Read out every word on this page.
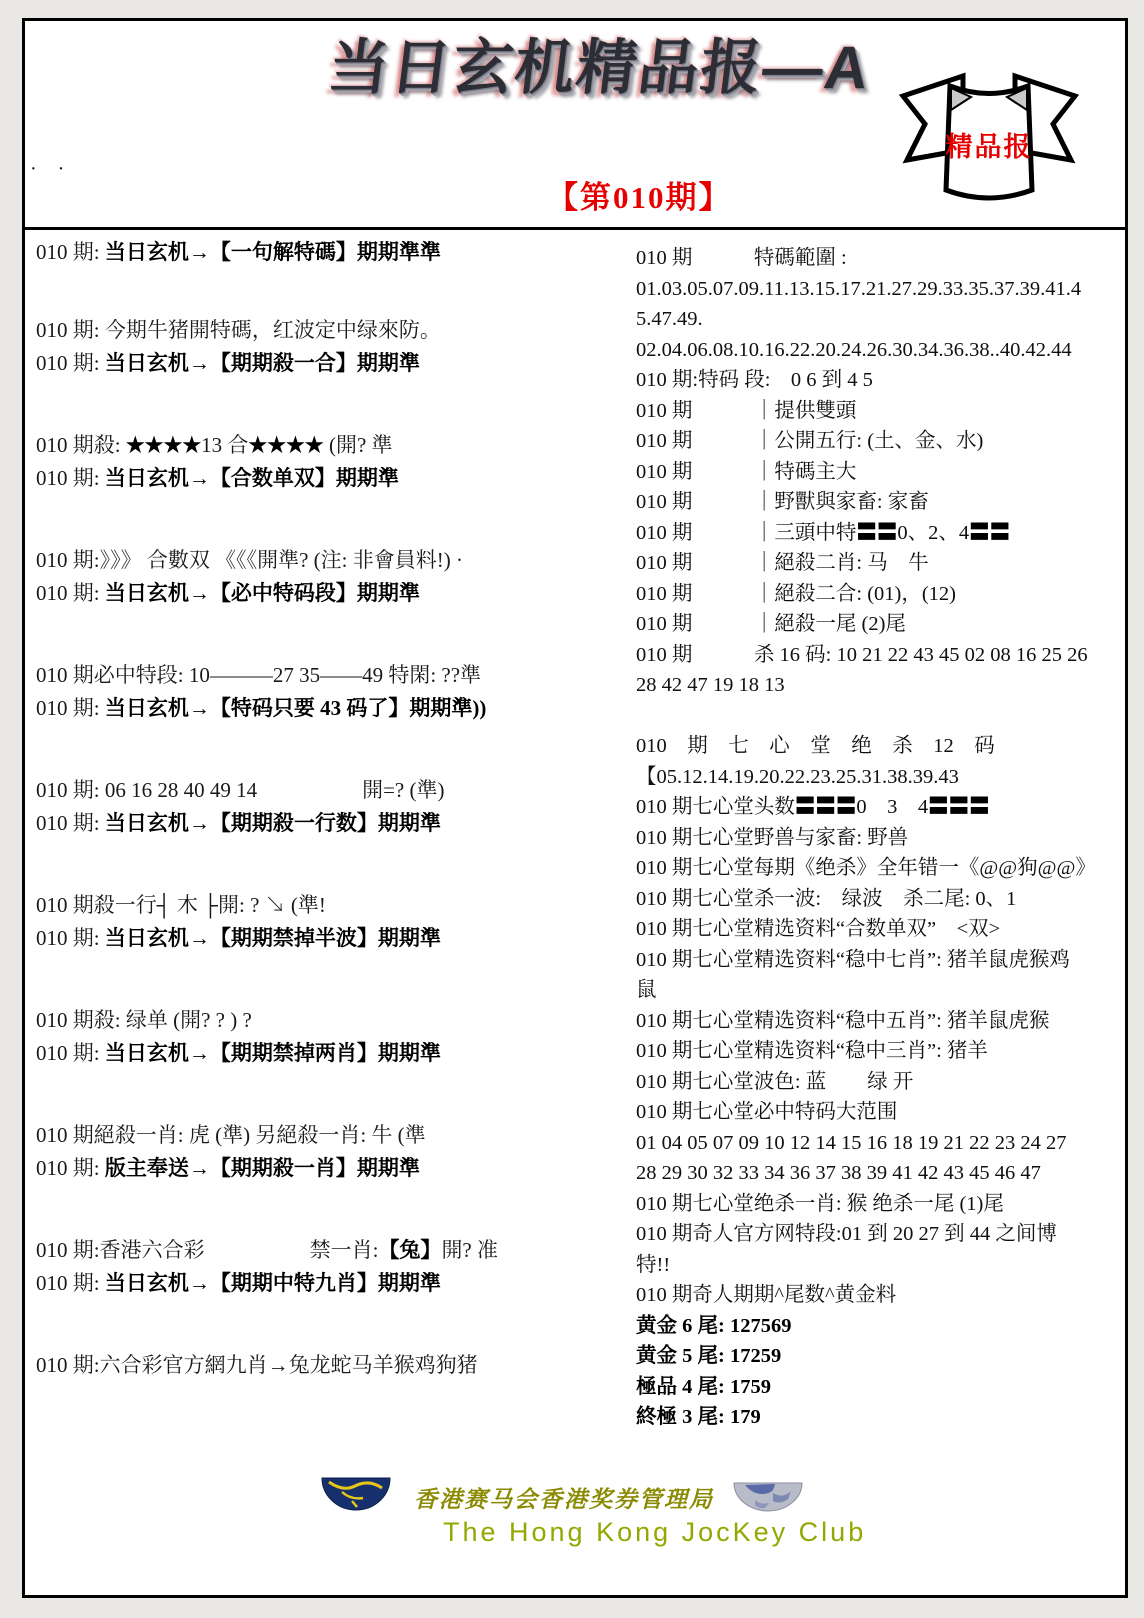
当日玄机精品报—A
精品报
【第010期】
· ·
010 期: 当日玄机→【一句解特碼】期期準準
010 期: 今期牛猪開特碼，红波定中绿來防。
010 期: 当日玄机→【期期殺一合】期期準
010 期殺: ★★★★13 合★★★★ (開? 準
010 期: 当日玄机→【合数单双】期期準
010 期:》》》 合數双 《《《開準? (注: 非會員料!) ·
010 期: 当日玄机→【必中特码段】期期準
010 期必中特段: 10———27 35——49 特閑: ??準
010 期: 当日玄机→【特码只要 43 码了】期期準))
010 期: 06 16 28 40 49 14　　　　　開=? (準)
010 期: 当日玄机→【期期殺一行数】期期準
010 期殺一行┤ 木 ├開: ? ↘ (準!
010 期: 当日玄机→【期期禁掉半波】期期準
010 期殺: 绿单 (開? ? ) ?
010 期: 当日玄机→【期期禁掉两肖】期期準
010 期絕殺一肖: 虎 (準) 另絕殺一肖: 牛 (準
010 期: 版主奉送→【期期殺一肖】期期準
010 期:香港六合彩　　　　　禁一肖:【兔】開? 准
010 期: 当日玄机→【期期中特九肖】期期準
010 期:六合彩官方網九肖→兔龙蛇马羊猴鸡狗猪
010 期　　　特碼範圍 :
01.03.05.07.09.11.13.15.17.21.27.29.33.35.37.39.41.4
5.47.49.
02.04.06.08.10.16.22.20.24.26.30.34.36.38..40.42.44
010 期:特码 段:　0 6 到 4 5
010 期　　　｜提供雙頭
010 期　　　｜公開五行: (土、金、水)
010 期　　　｜特碼主大
010 期　　　｜野獸與家畜: 家畜
010 期　　　｜三頭中特〓〓0、2、4〓〓
010 期　　　｜絕殺二肖: 马　牛
010 期　　　｜絕殺二合: (01)，(12)
010 期　　　｜絕殺一尾 (2)尾
010 期　　　杀 16 码: 10 21 22 43 45 02 08 16 25 26
28 42 47 19 18 13
010　期　七　心　堂　绝　杀　12　码
【05.12.14.19.20.22.23.25.31.38.39.43
010 期七心堂头数〓〓〓0　3　4〓〓〓
010 期七心堂野兽与家畜: 野兽
010 期七心堂每期《绝杀》全年错一《@@狗@@》
010 期七心堂杀一波:　绿波　杀二尾: 0、1
010 期七心堂精选资料“合数单双”　<双>
010 期七心堂精选资料“稳中七肖”: 猪羊鼠虎猴鸡
鼠
010 期七心堂精选资料“稳中五肖”: 猪羊鼠虎猴
010 期七心堂精选资料“稳中三肖”: 猪羊
010 期七心堂波色: 蓝　　绿 开
010 期七心堂必中特码大范围
01 04 05 07 09 10 12 14 15 16 18 19 21 22 23 24 27
28 29 30 32 33 34 36 37 38 39 41 42 43 45 46 47
010 期七心堂绝杀一肖: 猴 绝杀一尾 (1)尾
010 期奇人官方网特段:01 到 20 27 到 44 之间博
特!!
010 期奇人期期^尾数^黄金料
黄金 6 尾: 127569
黄金 5 尾: 17259
極品 4 尾: 1759
終極 3 尾: 179
香港赛马会香港奖券管理局
The Hong Kong JocKey Club
